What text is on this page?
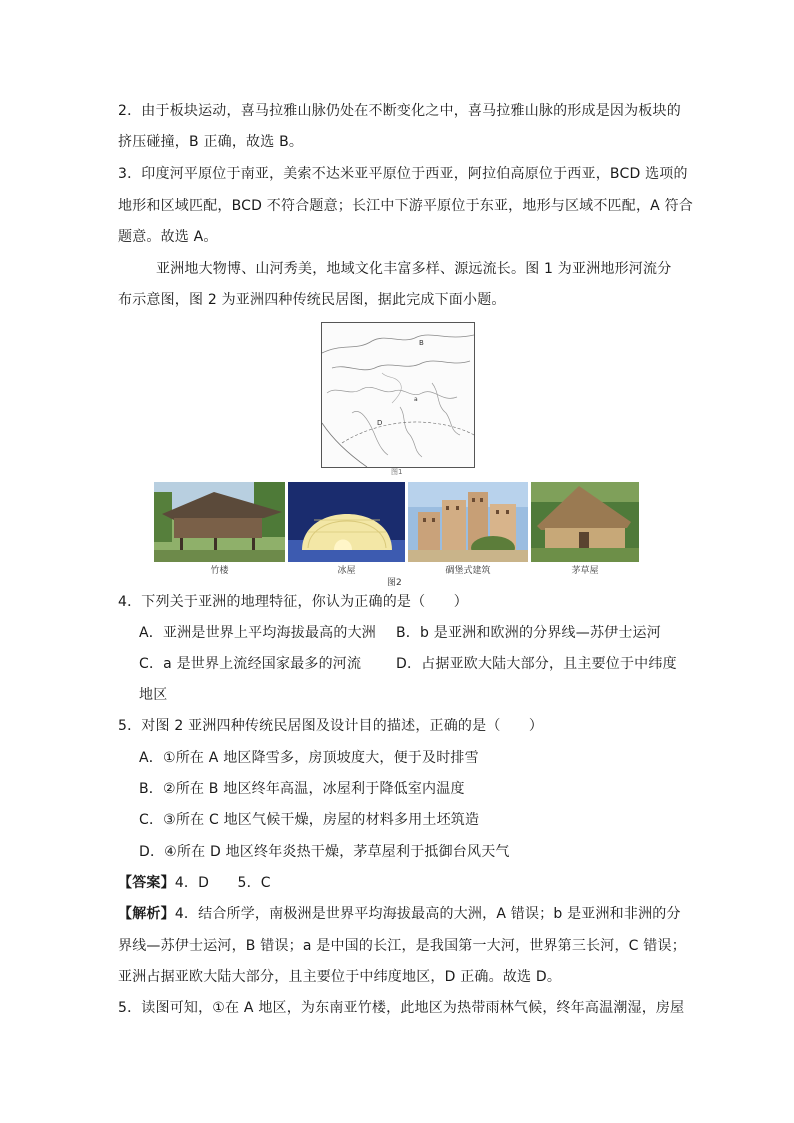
2．由于板块运动，喜马拉雅山脉仍处在不断变化之中，喜马拉雅山脉的形成是因为板块的
挤压碰撞，B 正确，故选 B。
3．印度河平原位于南亚，美索不达米亚平原位于西亚，阿拉伯高原位于西亚，BCD 选项的
地形和区域匹配，BCD 不符合题意；长江中下游平原位于东亚，地形与区域不匹配，A 符合
题意。故选 A。
亚洲地大物博、山河秀美，地域文化丰富多样、源远流长。图 1 为亚洲地形河流分
布示意图，图 2 为亚洲四种传统民居图，据此完成下面小题。
B
D
a
图1
竹楼	冰屋	碉堡式建筑	茅草屋
图2
4．下列关于亚洲的地理特征，你认为正确的是（　　）
A．亚洲是世界上平均海拔最高的大洲 B．b 是亚洲和欧洲的分界线—苏伊士运河
C．a 是世界上流经国家最多的河流 D．占据亚欧大陆大部分，且主要位于中纬度
地区
5．对图 2 亚洲四种传统民居图及设计目的描述，正确的是（　　）
A．①所在 A 地区降雪多，房顶坡度大，便于及时排雪
B．②所在 B 地区终年高温，冰屋利于降低室内温度
C．③所在 C 地区气候干燥，房屋的材料多用土坯筑造
D．④所在 D 地区终年炎热干燥，茅草屋利于抵御台风天气
【答案】4．D　　5．C
【解析】4．结合所学，南极洲是世界平均海拔最高的大洲，A 错误；b 是亚洲和非洲的分
界线—苏伊士运河，B 错误；a 是中国的长江，是我国第一大河，世界第三长河，C 错误；
亚洲占据亚欧大陆大部分，且主要位于中纬度地区，D 正确。故选 D。
5．读图可知，①在 A 地区，为东南亚竹楼，此地区为热带雨林气候，终年高温潮湿，房屋
